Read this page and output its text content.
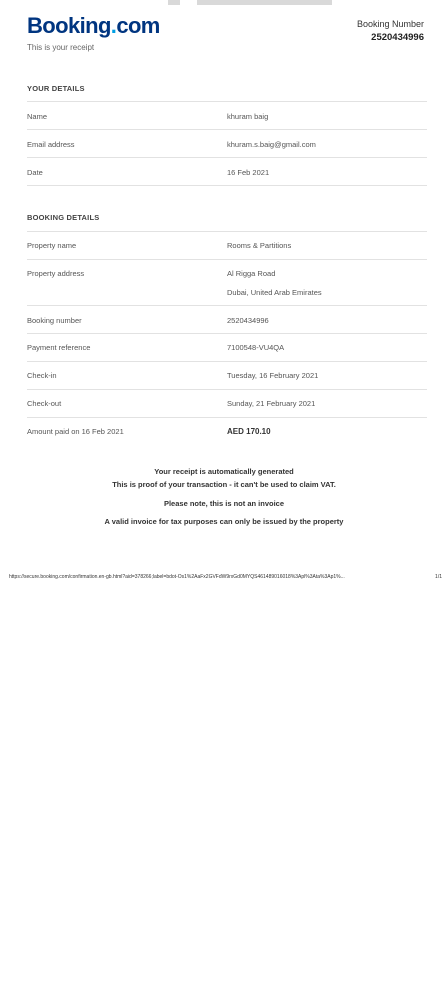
Booking.com
This is your receipt
Booking Number
2520434996
YOUR DETAILS
Name	khuram baig
Email address	khuram.s.baig@gmail.com
Date	16 Feb 2021
BOOKING DETAILS
Property name	Rooms & Partitions
Property address	Al Rigga Road
Dubai, United Arab Emirates
Booking number	2520434996
Payment reference	7100548-VU4QA
Check-in	Tuesday, 16 February 2021
Check-out	Sunday, 21 February 2021
Amount paid on 16 Feb 2021	AED 170.10
Your receipt is automatically generated
This is proof of your transaction - it can't be used to claim VAT.
Please note, this is not an invoice
A valid invoice for tax purposes can only be issued by the property
https://secure.booking.com/confirmation.en-gb.html?aid=378266;label=bdot-Os1%2AaFx2GVFdW9rxGd0MYQS461489016018%3Apl%3Ata%3Ap1%...	1/1
